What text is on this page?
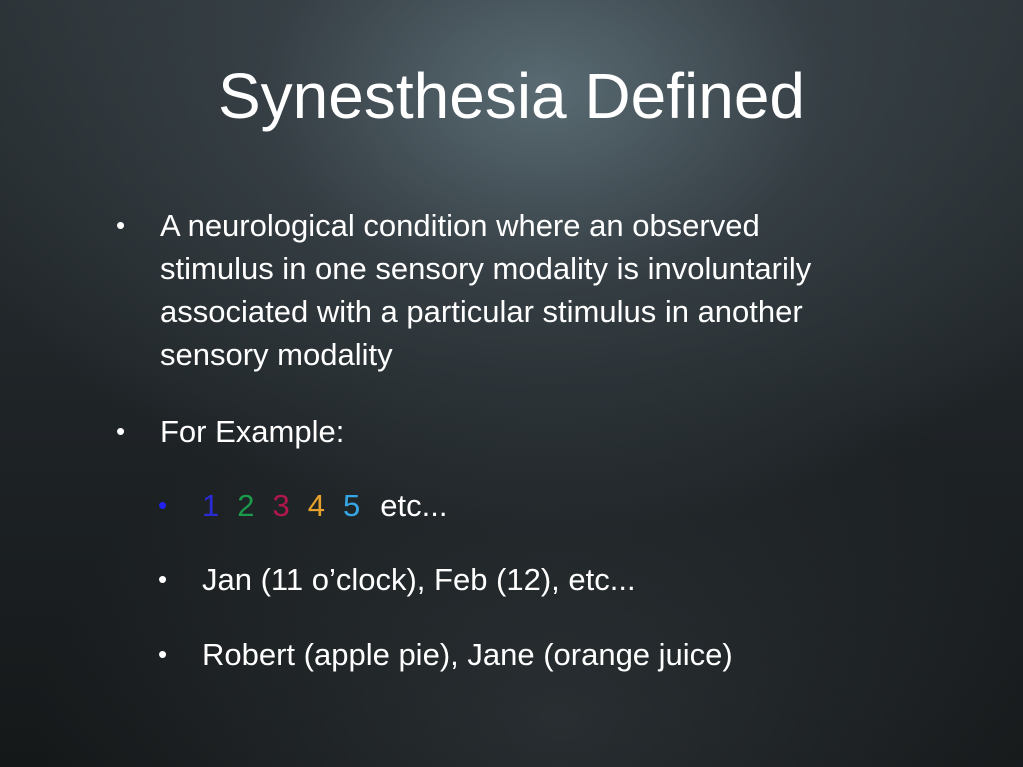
Synesthesia Defined
• A neurological condition where an observed
stimulus in one sensory modality is involuntarily
associated with a particular stimulus in another
sensory modality
• For Example:
• 1 2 3 4 5 etc...
• Jan (11 o’clock), Feb (12), etc...
• Robert (apple pie), Jane (orange juice)
